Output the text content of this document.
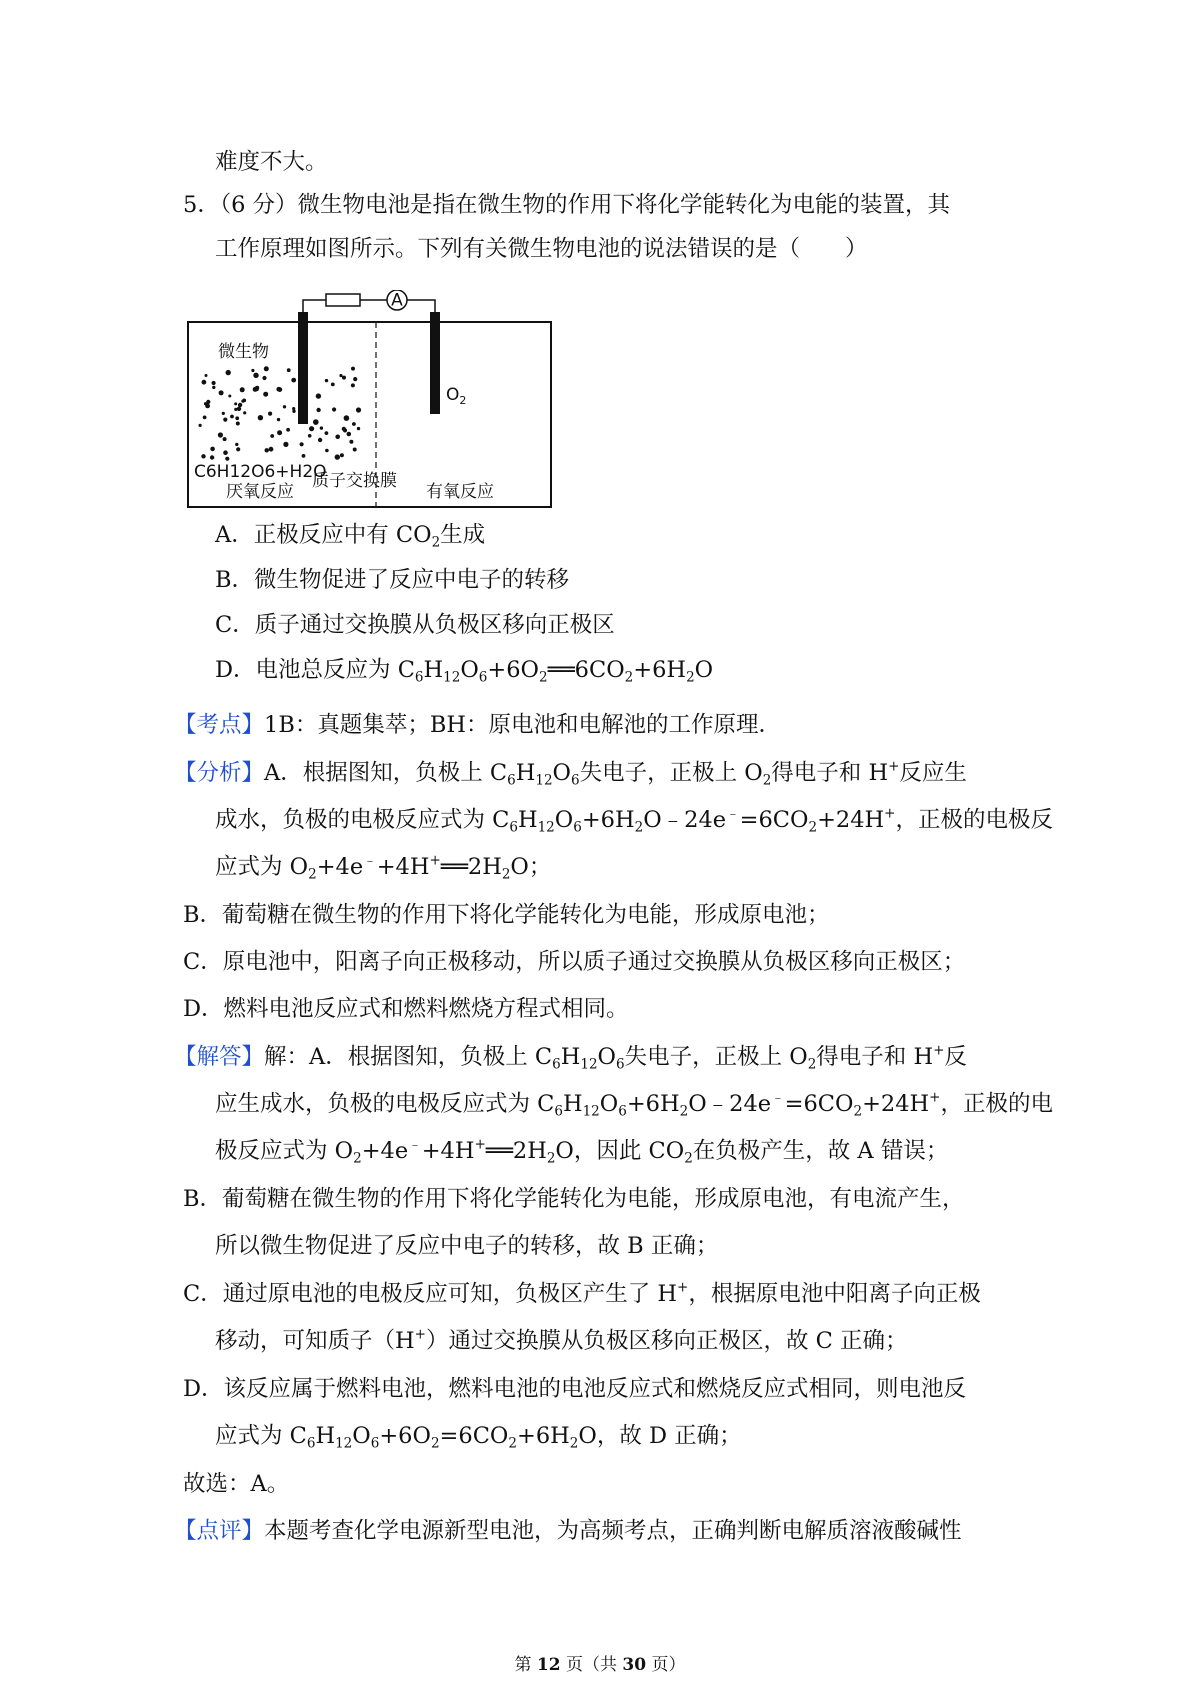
难度不大。
5．（6 分）微生物电池是指在微生物的作用下将化学能转化为电能的装置，其
工作原理如图所示。下列有关微生物电池的说法错误的是（　　）
A
微生物
$O_2$
C6H12O6+H2O
厌氧反应
质子交换膜
有氧反应
A．正极反应中有 $CO_2$生成
B．微生物促进了反应中电子的转移
C．质子通过交换膜从负极区移向正极区
D．电池总反应为 $C_6H_{12}O_6+6O_2══6CO_2+6H_2O$
【考点】1B：真题集萃；BH：原电池和电解池的工作原理．
【分析】A．根据图知，负极上 $C_6H_{12}O_6$失电子，正极上 $O_2$得电子和 H+反应生
成水，负极的电极反应式为 $C_6H_{12}O_6+6H_2O﹣24e^﹣=6CO_2+24H^+$，正极的电极反
应式为 $O_2+4e^﹣+4H^+══2H_2O$；
B．葡萄糖在微生物的作用下将化学能转化为电能，形成原电池；
C．原电池中，阳离子向正极移动，所以质子通过交换膜从负极区移向正极区；
D．燃料电池反应式和燃料燃烧方程式相同。
【解答】解：A．根据图知，负极上 $C_6H_{12}O_6$失电子，正极上 $O_2$得电子和 H+反
应生成水，负极的电极反应式为 $C_6H_{12}O_6+6H_2O﹣24e^﹣=6CO_2+24H^+$，正极的电
极反应式为 $O_2+4e^﹣+4H^+══2H_2O$，因此 $CO_2$在负极产生，故 A 错误；
B．葡萄糖在微生物的作用下将化学能转化为电能，形成原电池，有电流产生，
所以微生物促进了反应中电子的转移，故 B 正确；
C．通过原电池的电极反应可知，负极区产生了 H+，根据原电池中阳离子向正极
移动，可知质子（H+）通过交换膜从负极区移向正极区，故 C 正确；
D．该反应属于燃料电池，燃料电池的电池反应式和燃烧反应式相同，则电池反
应式为 $C_6H_{12}O_6+6O_2=6CO_2+6H_2O$，故 D 正确；
故选：A。
【点评】本题考查化学电源新型电池，为高频考点，正确判断电解质溶液酸碱性
第 12 页（共 30 页）
